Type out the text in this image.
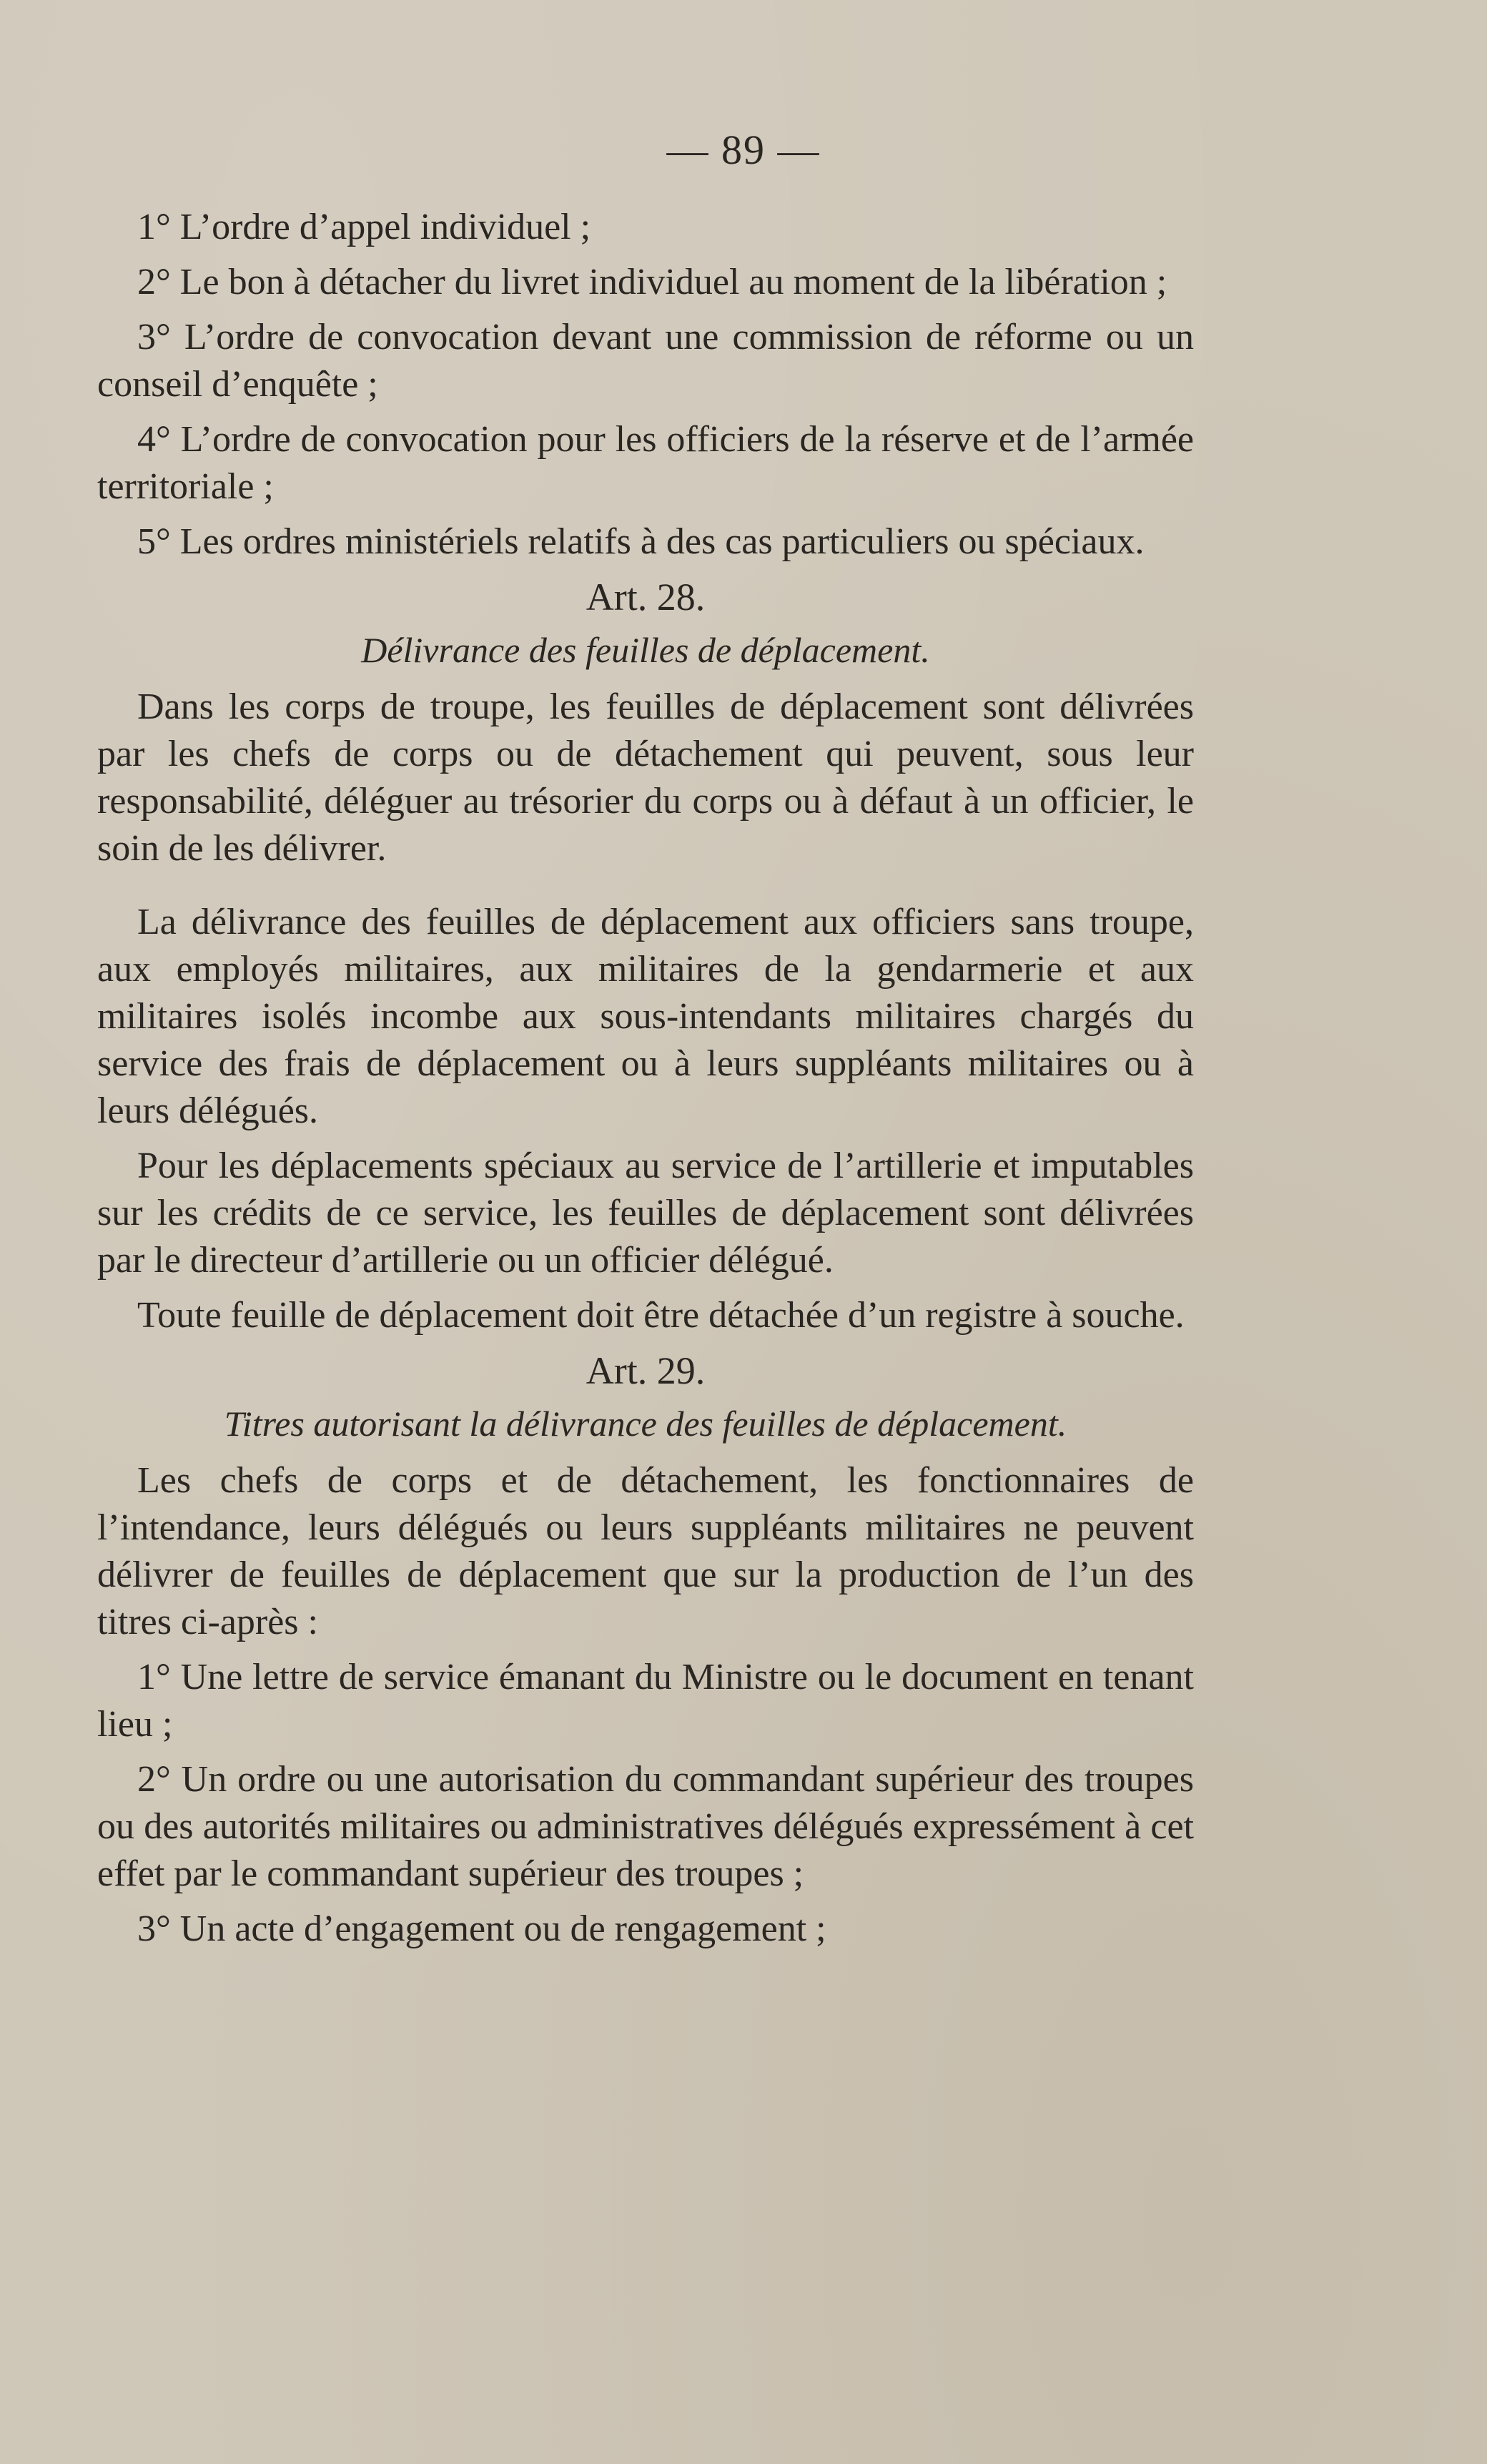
— 89 —

1° L’ordre d’appel individuel ;

2° Le bon à détacher du livret individuel au moment de la libération ;

3° L’ordre de convocation devant une commission de réforme ou un conseil d’enquête ;

4° L’ordre de convocation pour les officiers de la réserve et de l’armée territoriale ;

5° Les ordres ministériels relatifs à des cas particuliers ou spéciaux.

Art. 28.
Délivrance des feuilles de déplacement.

Dans les corps de troupe, les feuilles de déplacement sont délivrées par les chefs de corps ou de détachement qui peuvent, sous leur responsabilité, déléguer au trésorier du corps ou à défaut à un officier, le soin de les délivrer.

La délivrance des feuilles de déplacement aux officiers sans troupe, aux employés militaires, aux militaires de la gendarmerie et aux militaires isolés incombe aux sous-intendants militaires chargés du service des frais de déplacement ou à leurs suppléants militaires ou à leurs délégués.

Pour les déplacements spéciaux au service de l’artillerie et imputables sur les crédits de ce service, les feuilles de déplacement sont délivrées par le directeur d’artillerie ou un officier délégué.

Toute feuille de déplacement doit être détachée d’un registre à souche.

Art. 29.
Titres autorisant la délivrance des feuilles de déplacement.

Les chefs de corps et de détachement, les fonctionnaires de l’intendance, leurs délégués ou leurs suppléants militaires ne peuvent délivrer de feuilles de déplacement que sur la production de l’un des titres ci-après :

1° Une lettre de service émanant du Ministre ou le document en tenant lieu ;

2° Un ordre ou une autorisation du commandant supérieur des troupes ou des autorités militaires ou administratives délégués expressément à cet effet par le commandant supérieur des troupes ;

3° Un acte d’engagement ou de rengagement ;
